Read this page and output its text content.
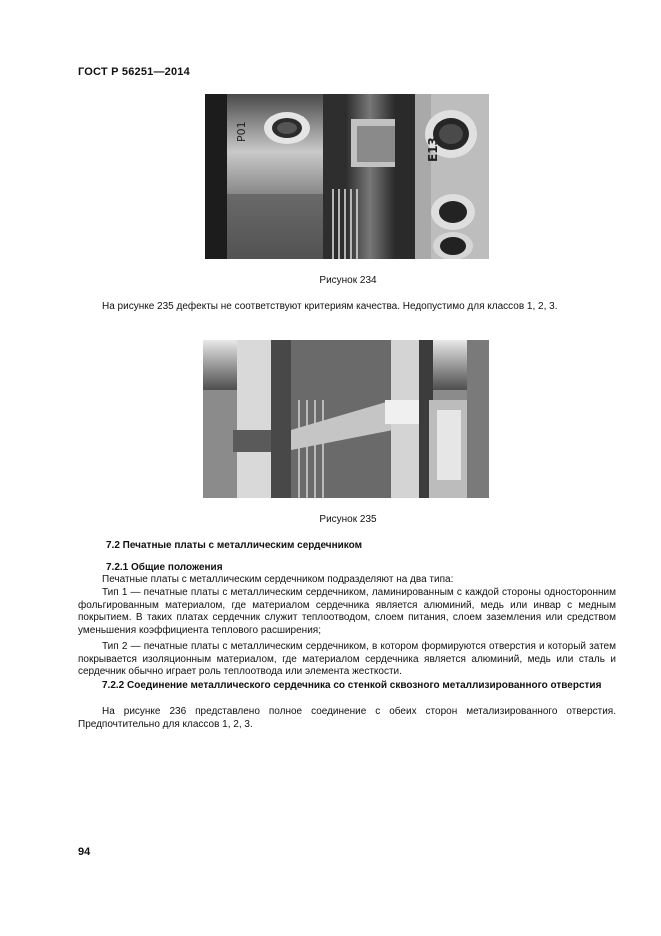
ГОСТ Р 56251—2014
P01
E13
Рисунок 234
На рисунке 235 дефекты не соответствуют критериям качества. Недопустимо для классов 1, 2, 3.
Рисунок 235
7.2 Печатные платы с металлическим сердечником
7.2.1 Общие положения
Печатные платы с металлическим сердечником подразделяют на два типа:
Тип 1 — печатные платы с металлическим сердечником, ламинированным с каждой стороны односторонним фольгированным материалом, где материалом сердечника является алюминий, медь или инвар с медным покрытием. В таких платах сердечник служит теплоотводом, слоем питания, слоем заземления или средством уменьшения коэффициента теплового расширения;
Тип 2 — печатные платы с металлическим сердечником, в котором формируются отверстия и который затем покрывается изоляционным материалом, где материалом сердечника является алюминий, медь или сталь и сердечник обычно играет роль теплоотвода или элемента жесткости.
7.2.2 Соединение металлического сердечника со стенкой сквозного металлизированного отверстия
На рисунке 236 представлено полное соединение с обеих сторон метализированного отверстия. Предпочтительно для классов 1, 2, 3.
94
